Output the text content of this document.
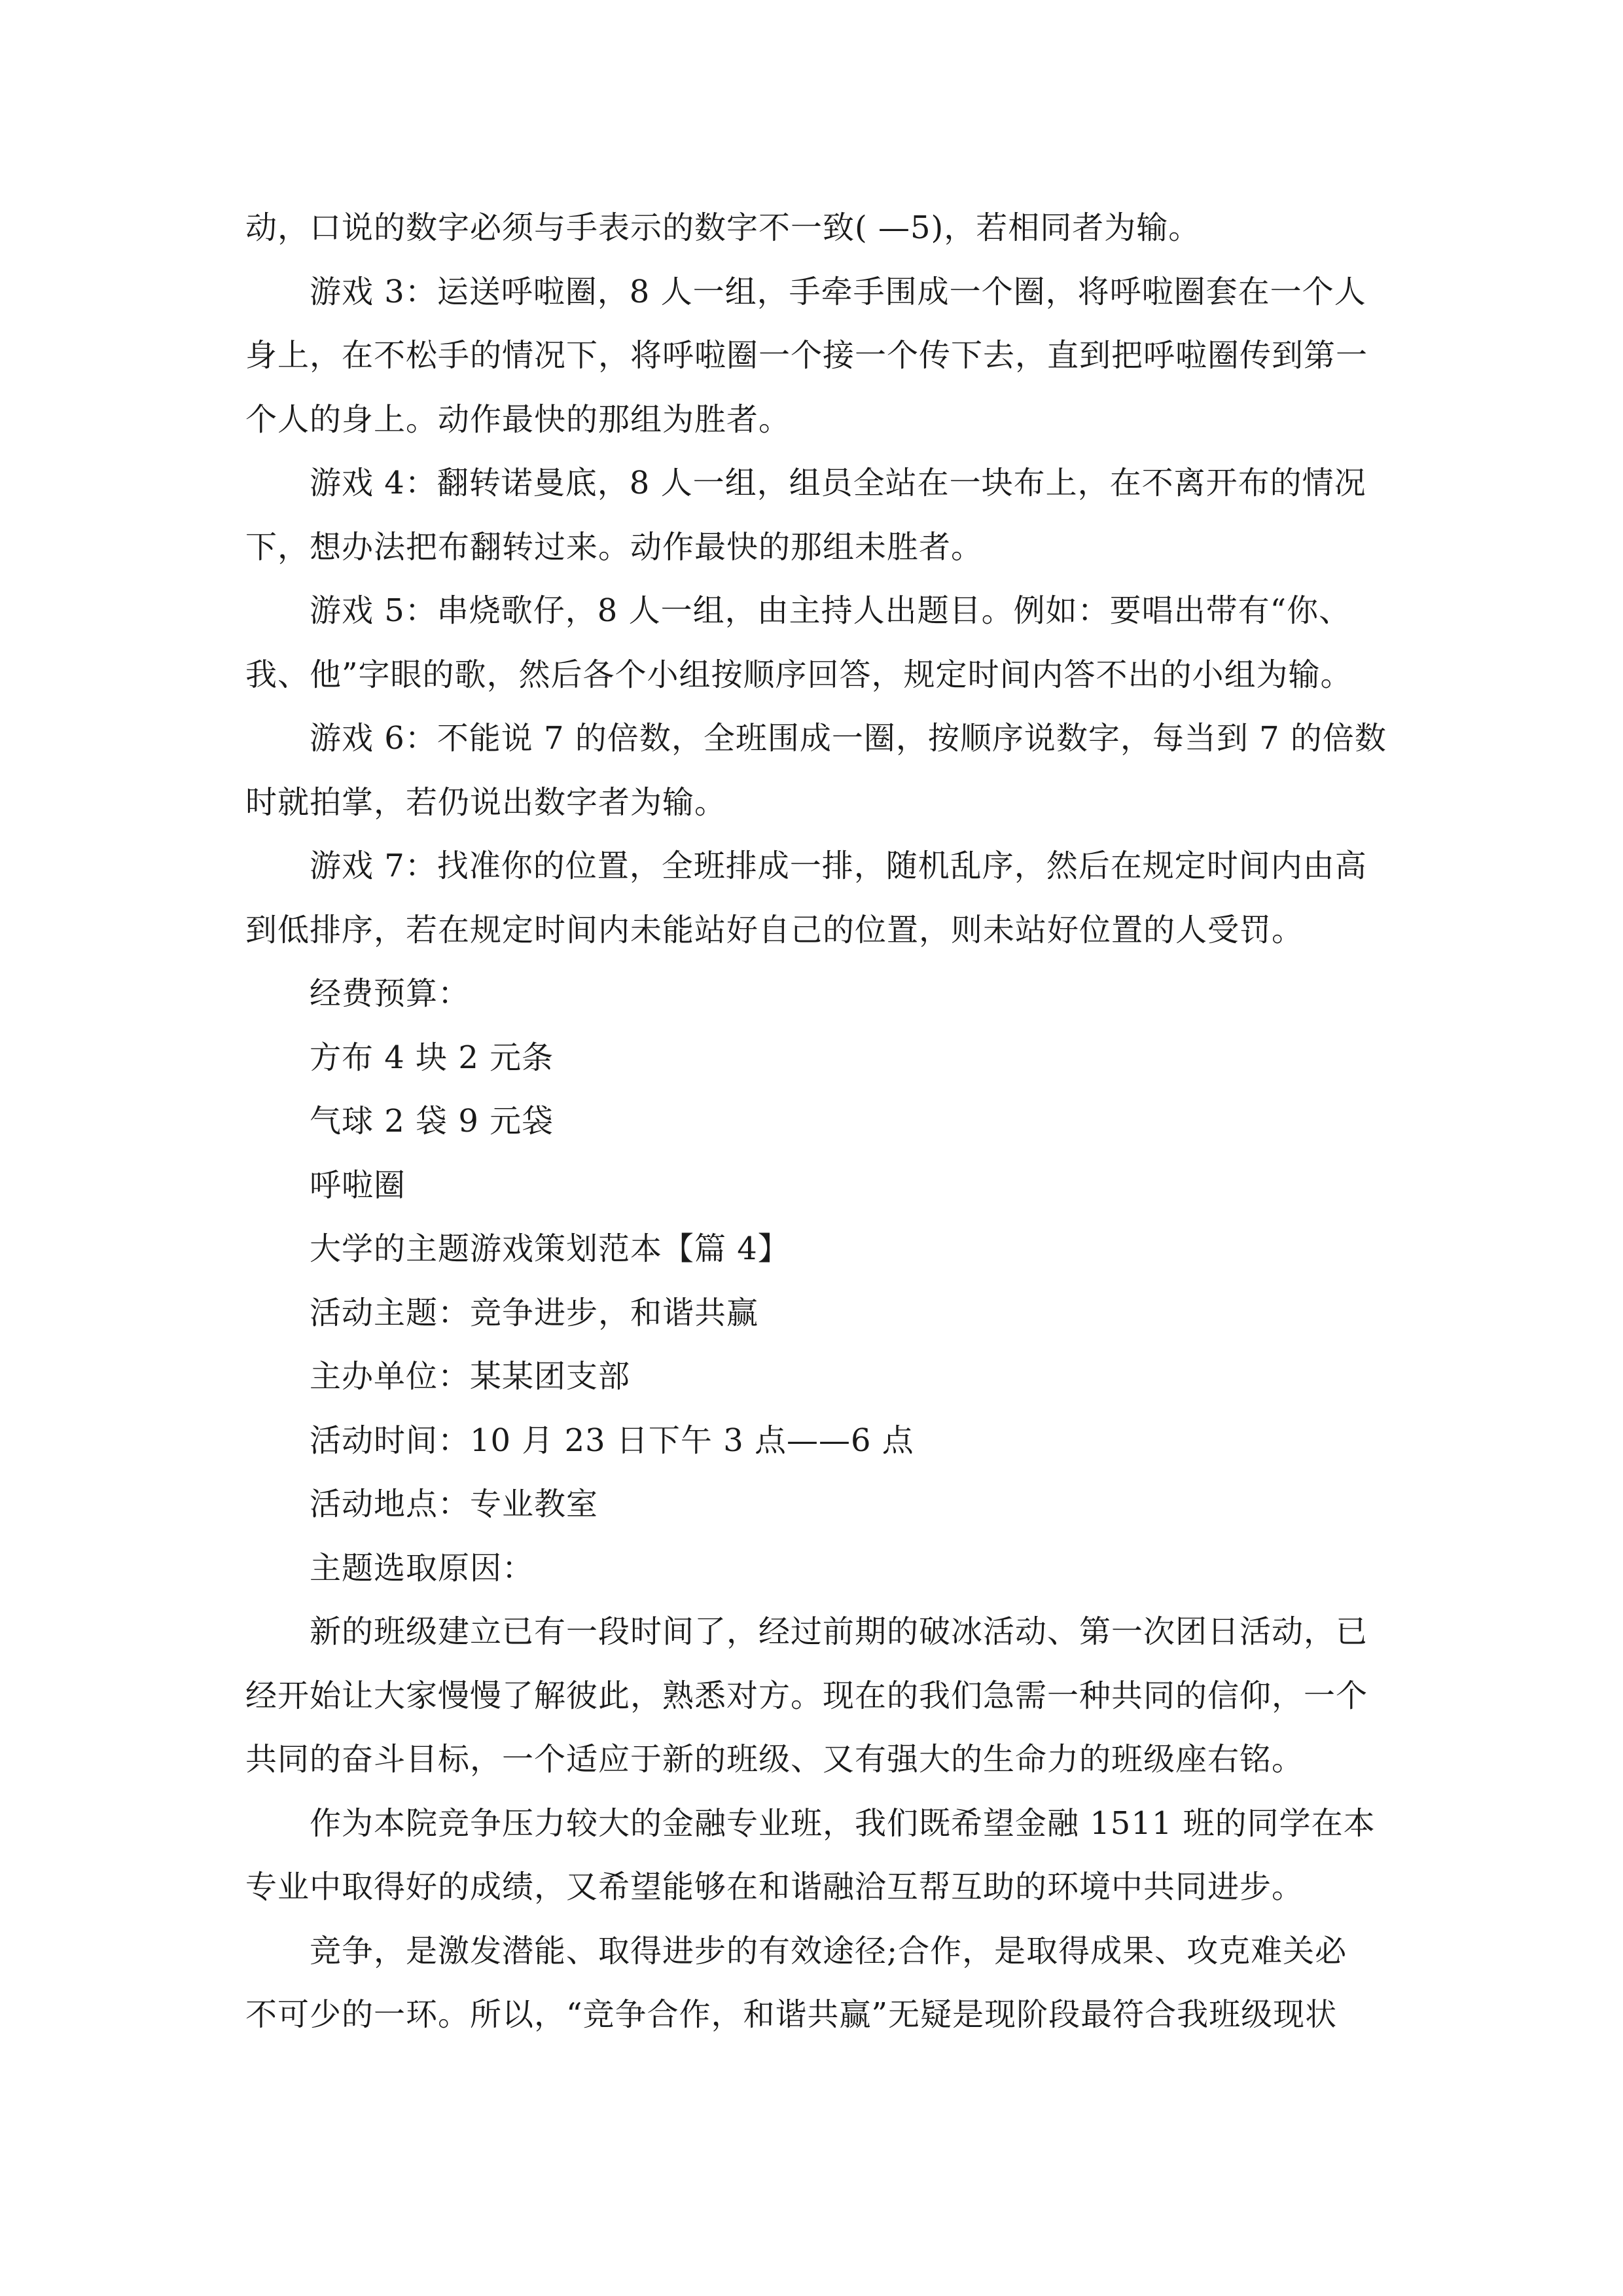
动，口说的数字必须与手表示的数字不一致( —5)，若相同者为输。
游戏 3：运送呼啦圈，8 人一组，手牵手围成一个圈，将呼啦圈套在一个人
身上，在不松手的情况下，将呼啦圈一个接一个传下去，直到把呼啦圈传到第一
个人的身上。动作最快的那组为胜者。
游戏 4：翻转诺曼底，8 人一组，组员全站在一块布上，在不离开布的情况
下，想办法把布翻转过来。动作最快的那组未胜者。
游戏 5：串烧歌仔，8 人一组，由主持人出题目。例如：要唱出带有“你、
我、他”字眼的歌，然后各个小组按顺序回答，规定时间内答不出的小组为输。
游戏 6：不能说 7 的倍数，全班围成一圈，按顺序说数字，每当到 7 的倍数
时就拍掌，若仍说出数字者为输。
游戏 7：找准你的位置，全班排成一排，随机乱序，然后在规定时间内由高
到低排序，若在规定时间内未能站好自己的位置，则未站好位置的人受罚。
经费预算：
方布 4 块 2 元条
气球 2 袋 9 元袋
呼啦圈
大学的主题游戏策划范本【篇 4】
活动主题：竞争进步，和谐共赢
主办单位：某某团支部
活动时间：10 月 23 日下午 3 点——6 点
活动地点：专业教室
主题选取原因：
新的班级建立已有一段时间了，经过前期的破冰活动、第一次团日活动，已
经开始让大家慢慢了解彼此，熟悉对方。现在的我们急需一种共同的信仰，一个
共同的奋斗目标，一个适应于新的班级、又有强大的生命力的班级座右铭。
作为本院竞争压力较大的金融专业班，我们既希望金融 1511 班的同学在本
专业中取得好的成绩，又希望能够在和谐融洽互帮互助的环境中共同进步。
竞争，是激发潜能、取得进步的有效途径;合作，是取得成果、攻克难关必
不可少的一环。所以，“竞争合作，和谐共赢”无疑是现阶段最符合我班级现状
